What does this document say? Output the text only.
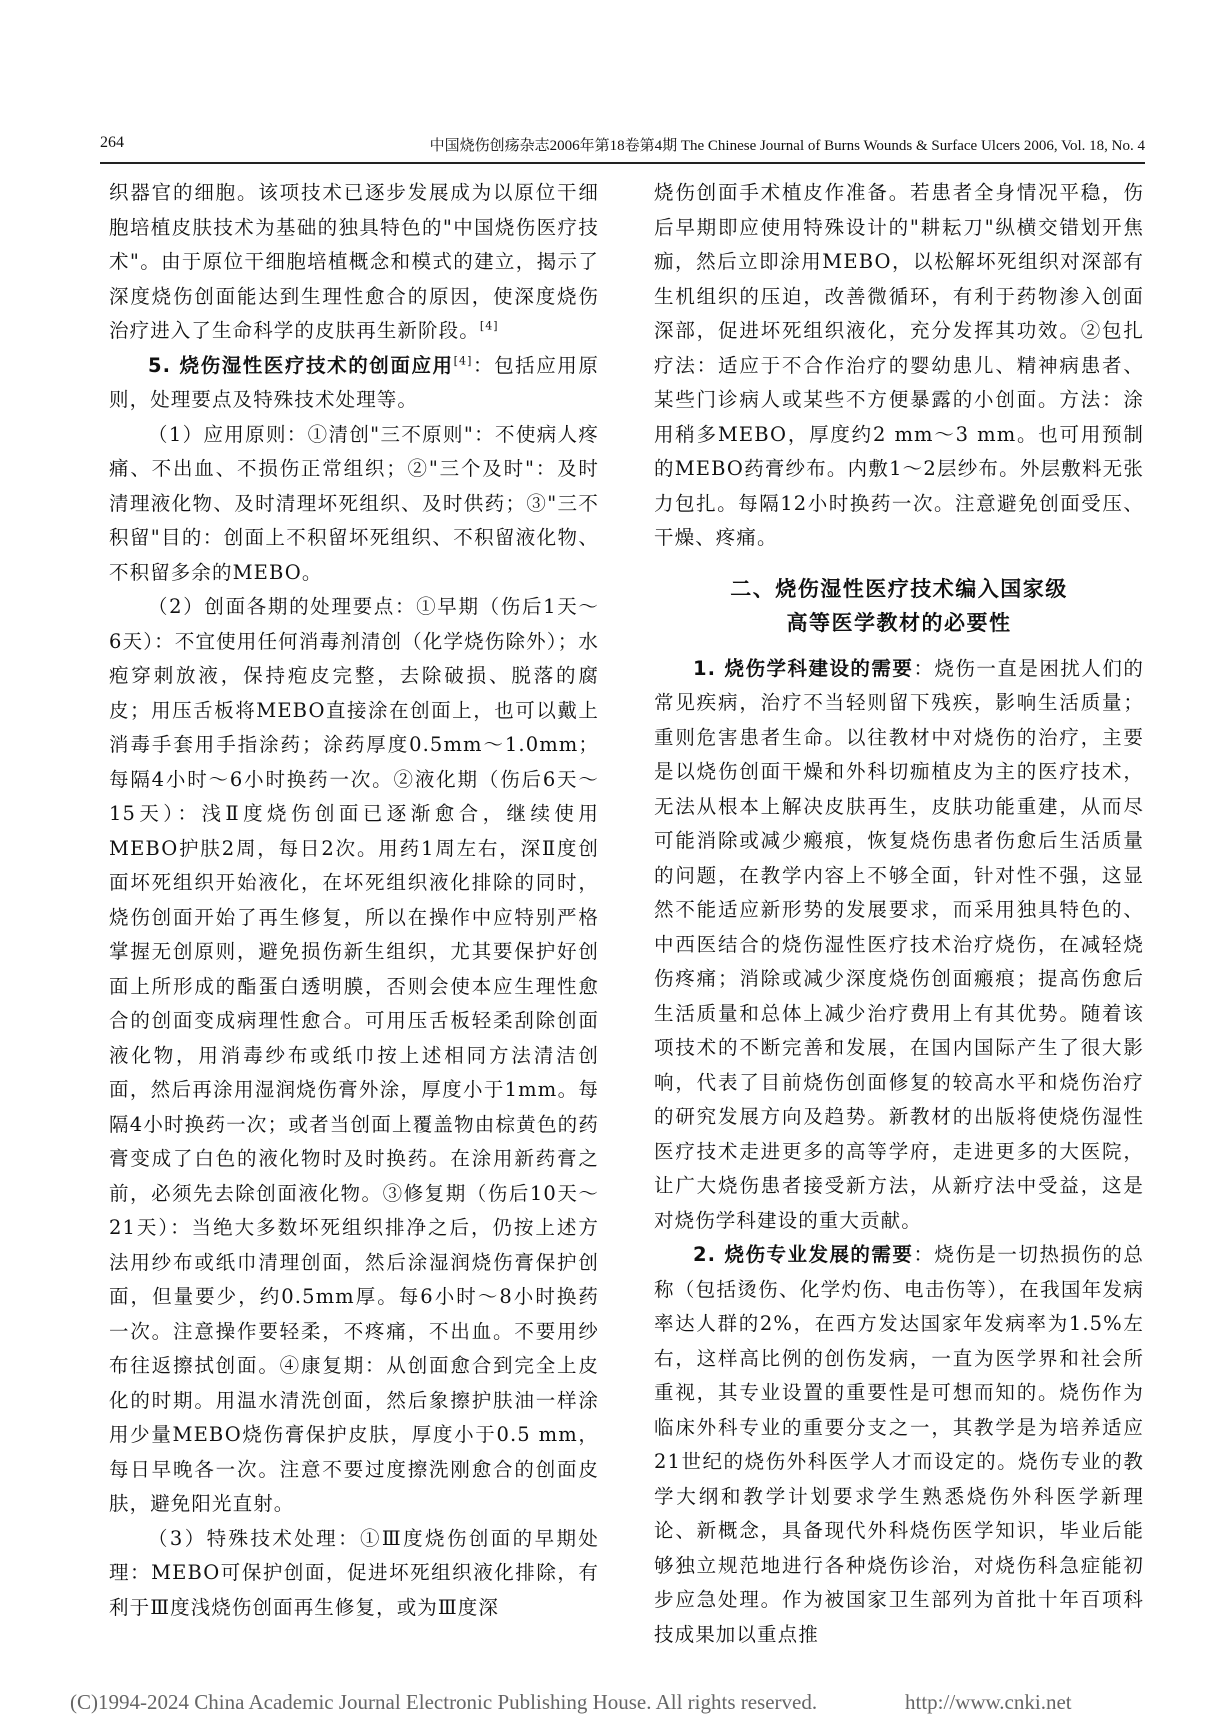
264	中国烧伤创疡杂志2006年第18卷第4期 The Chinese Journal of Burns Wounds & Surface Ulcers 2006, Vol. 18, No. 4

织器官的细胞。该项技术已逐步发展成为以原位干细胞培植皮肤技术为基础的独具特色的"中国烧伤医疗技术"。由于原位干细胞培植概念和模式的建立，揭示了深度烧伤创面能达到生理性愈合的原因，使深度烧伤治疗进入了生命科学的皮肤再生新阶段。[4]

5. 烧伤湿性医疗技术的创面应用[4]：包括应用原则，处理要点及特殊技术处理等。

（1）应用原则：①清创"三不原则"：不使病人疼痛、不出血、不损伤正常组织；②"三个及时"：及时清理液化物、及时清理坏死组织、及时供药；③"三不积留"目的：创面上不积留坏死组织、不积留液化物、不积留多余的MEBO。

（2）创面各期的处理要点：①早期（伤后1天～6天）：不宜使用任何消毒剂清创（化学烧伤除外）；水疱穿刺放液，保持疱皮完整，去除破损、脱落的腐皮；用压舌板将MEBO直接涂在创面上，也可以戴上消毒手套用手指涂药；涂药厚度0.5mm～1.0mm；每隔4小时～6小时换药一次。②液化期（伤后6天～15天）：浅Ⅱ度烧伤创面已逐渐愈合，继续使用MEBO护肤2周，每日2次。用药1周左右，深Ⅱ度创面坏死组织开始液化，在坏死组织液化排除的同时，烧伤创面开始了再生修复，所以在操作中应特别严格掌握无创原则，避免损伤新生组织，尤其要保护好创面上所形成的酯蛋白透明膜，否则会使本应生理性愈合的创面变成病理性愈合。可用压舌板轻柔刮除创面液化物，用消毒纱布或纸巾按上述相同方法清洁创面，然后再涂用湿润烧伤膏外涂，厚度小于1mm。每隔4小时换药一次；或者当创面上覆盖物由棕黄色的药膏变成了白色的液化物时及时换药。在涂用新药膏之前，必须先去除创面液化物。③修复期（伤后10天～21天）：当绝大多数坏死组织排净之后，仍按上述方法用纱布或纸巾清理创面，然后涂湿润烧伤膏保护创面，但量要少，约0.5mm厚。每6小时～8小时换药一次。注意操作要轻柔，不疼痛，不出血。不要用纱布往返擦拭创面。④康复期：从创面愈合到完全上皮化的时期。用温水清洗创面，然后象擦护肤油一样涂用少量MEBO烧伤膏保护皮肤，厚度小于0.5 mm，每日早晚各一次。注意不要过度擦洗刚愈合的创面皮肤，避免阳光直射。

（3）特殊技术处理：①Ⅲ度烧伤创面的早期处理：MEBO可保护创面，促进坏死组织液化排除，有利于Ⅲ度浅烧伤创面再生修复，或为Ⅲ度深

烧伤创面手术植皮作准备。若患者全身情况平稳，伤后早期即应使用特殊设计的"耕耘刀"纵横交错划开焦痂，然后立即涂用MEBO，以松解坏死组织对深部有生机组织的压迫，改善微循环，有利于药物渗入创面深部，促进坏死组织液化，充分发挥其功效。②包扎疗法：适应于不合作治疗的婴幼患儿、精神病患者、某些门诊病人或某些不方便暴露的小创面。方法：涂用稍多MEBO，厚度约2 mm～3 mm。也可用预制的MEBO药膏纱布。内敷1～2层纱布。外层敷料无张力包扎。每隔12小时换药一次。注意避免创面受压、干燥、疼痛。

二、烧伤湿性医疗技术编入国家级
高等医学教材的必要性

1. 烧伤学科建设的需要：烧伤一直是困扰人们的常见疾病，治疗不当轻则留下残疾，影响生活质量；重则危害患者生命。以往教材中对烧伤的治疗，主要是以烧伤创面干燥和外科切痂植皮为主的医疗技术，无法从根本上解决皮肤再生，皮肤功能重建，从而尽可能消除或减少瘢痕，恢复烧伤患者伤愈后生活质量的问题，在教学内容上不够全面，针对性不强，这显然不能适应新形势的发展要求，而采用独具特色的、中西医结合的烧伤湿性医疗技术治疗烧伤，在减轻烧伤疼痛；消除或减少深度烧伤创面瘢痕；提高伤愈后生活质量和总体上减少治疗费用上有其优势。随着该项技术的不断完善和发展，在国内国际产生了很大影响，代表了目前烧伤创面修复的较高水平和烧伤治疗的研究发展方向及趋势。新教材的出版将使烧伤湿性医疗技术走进更多的高等学府，走进更多的大医院，让广大烧伤患者接受新方法，从新疗法中受益，这是对烧伤学科建设的重大贡献。

2. 烧伤专业发展的需要：烧伤是一切热损伤的总称（包括烫伤、化学灼伤、电击伤等），在我国年发病率达人群的2%，在西方发达国家年发病率为1.5%左右，这样高比例的创伤发病，一直为医学界和社会所重视，其专业设置的重要性是可想而知的。烧伤作为临床外科专业的重要分支之一，其教学是为培养适应21世纪的烧伤外科医学人才而设定的。烧伤专业的教学大纲和教学计划要求学生熟悉烧伤外科医学新理论、新概念，具备现代外科烧伤医学知识，毕业后能够独立规范地进行各种烧伤诊治，对烧伤科急症能初步应急处理。作为被国家卫生部列为首批十年百项科技成果加以重点推

(C)1994-2024 China Academic Journal Electronic Publishing House. All rights reserved.	http://www.cnki.net
